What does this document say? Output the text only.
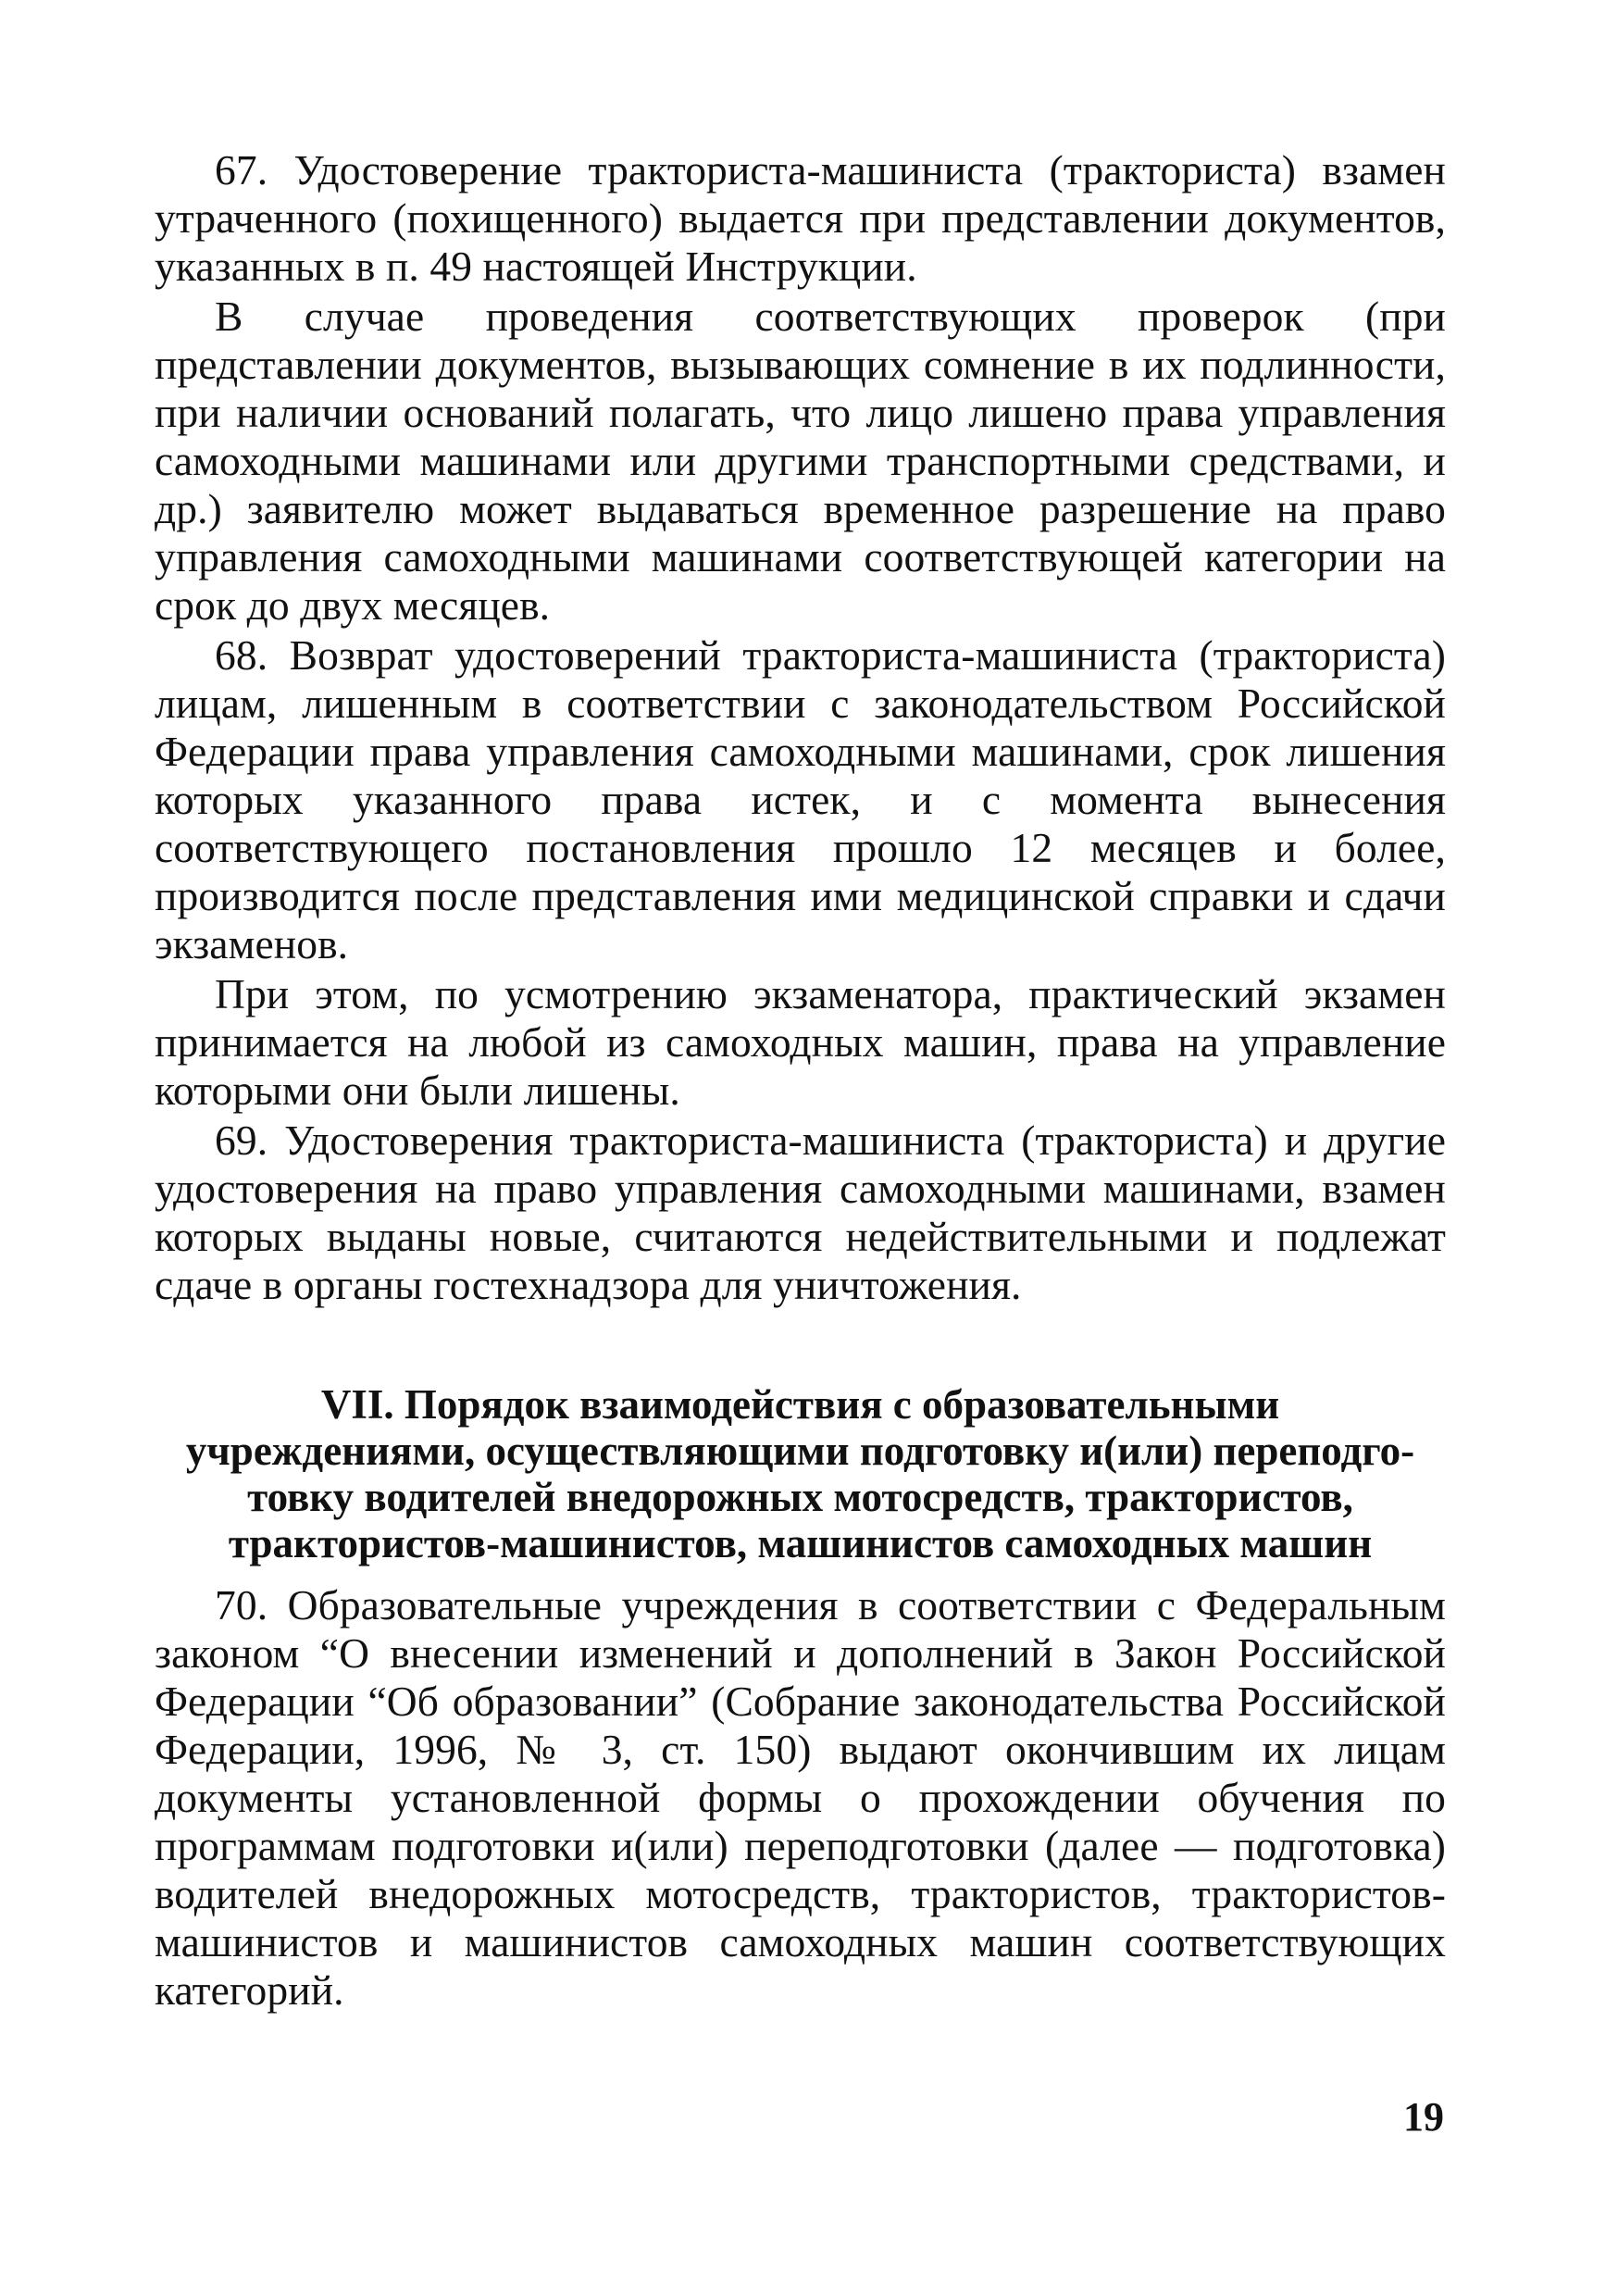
67. Удостоверение тракториста-машиниста (тракториста) взамен утраченного (похищенного) выдается при представлении документов, указанных в п. 49 настоящей Инструкции.

В случае проведения соответствующих проверок (при представлении документов, вызывающих сомнение в их подлинности, при наличии оснований полагать, что лицо лишено права управления самоходными машинами или другими транспортными средствами, и др.) заявителю может выдаваться временное разрешение на право управления самоходными машинами соответствующей категории на срок до двух месяцев.

68. Возврат удостоверений тракториста-машиниста (тракториста) лицам, лишенным в соответствии с законодательством Российской Федерации права управления самоходными машинами, срок лишения которых указанного права истек, и с момента вынесения соответствующего постановления прошло 12 месяцев и более, производится после представления ими медицинской справки и сдачи экзаменов.

При этом, по усмотрению экзаменатора, практический экзамен принимается на любой из самоходных машин, права на управление которыми они были лишены.

69. Удостоверения тракториста-машиниста (тракториста) и другие удостоверения на право управления самоходными машинами, взамен которых выданы новые, считаются недействительными и подлежат сдаче в органы гостехнадзора для уничтожения.

VII. Порядок взаимодействия с образовательными
учреждениями, осуществляющими подготовку и(или) переподго-
товку водителей внедорожных мотосредств, трактористов,
трактористов-машинистов, машинистов самоходных машин

70. Образовательные учреждения в соответствии с Федеральным законом “О внесении изменений и дополнений в Закон Российской Федерации “Об образовании” (Собрание законодательства Российской Федерации, 1996, № 3, ст. 150) выдают окончившим их лицам документы установленной формы о прохождении обучения по программам подготовки и(или) переподготовки (далее — подготовка) водителей внедорожных мотосредств, трактористов, трактористов-машинистов и машинистов самоходных машин соответствующих категорий.

19
